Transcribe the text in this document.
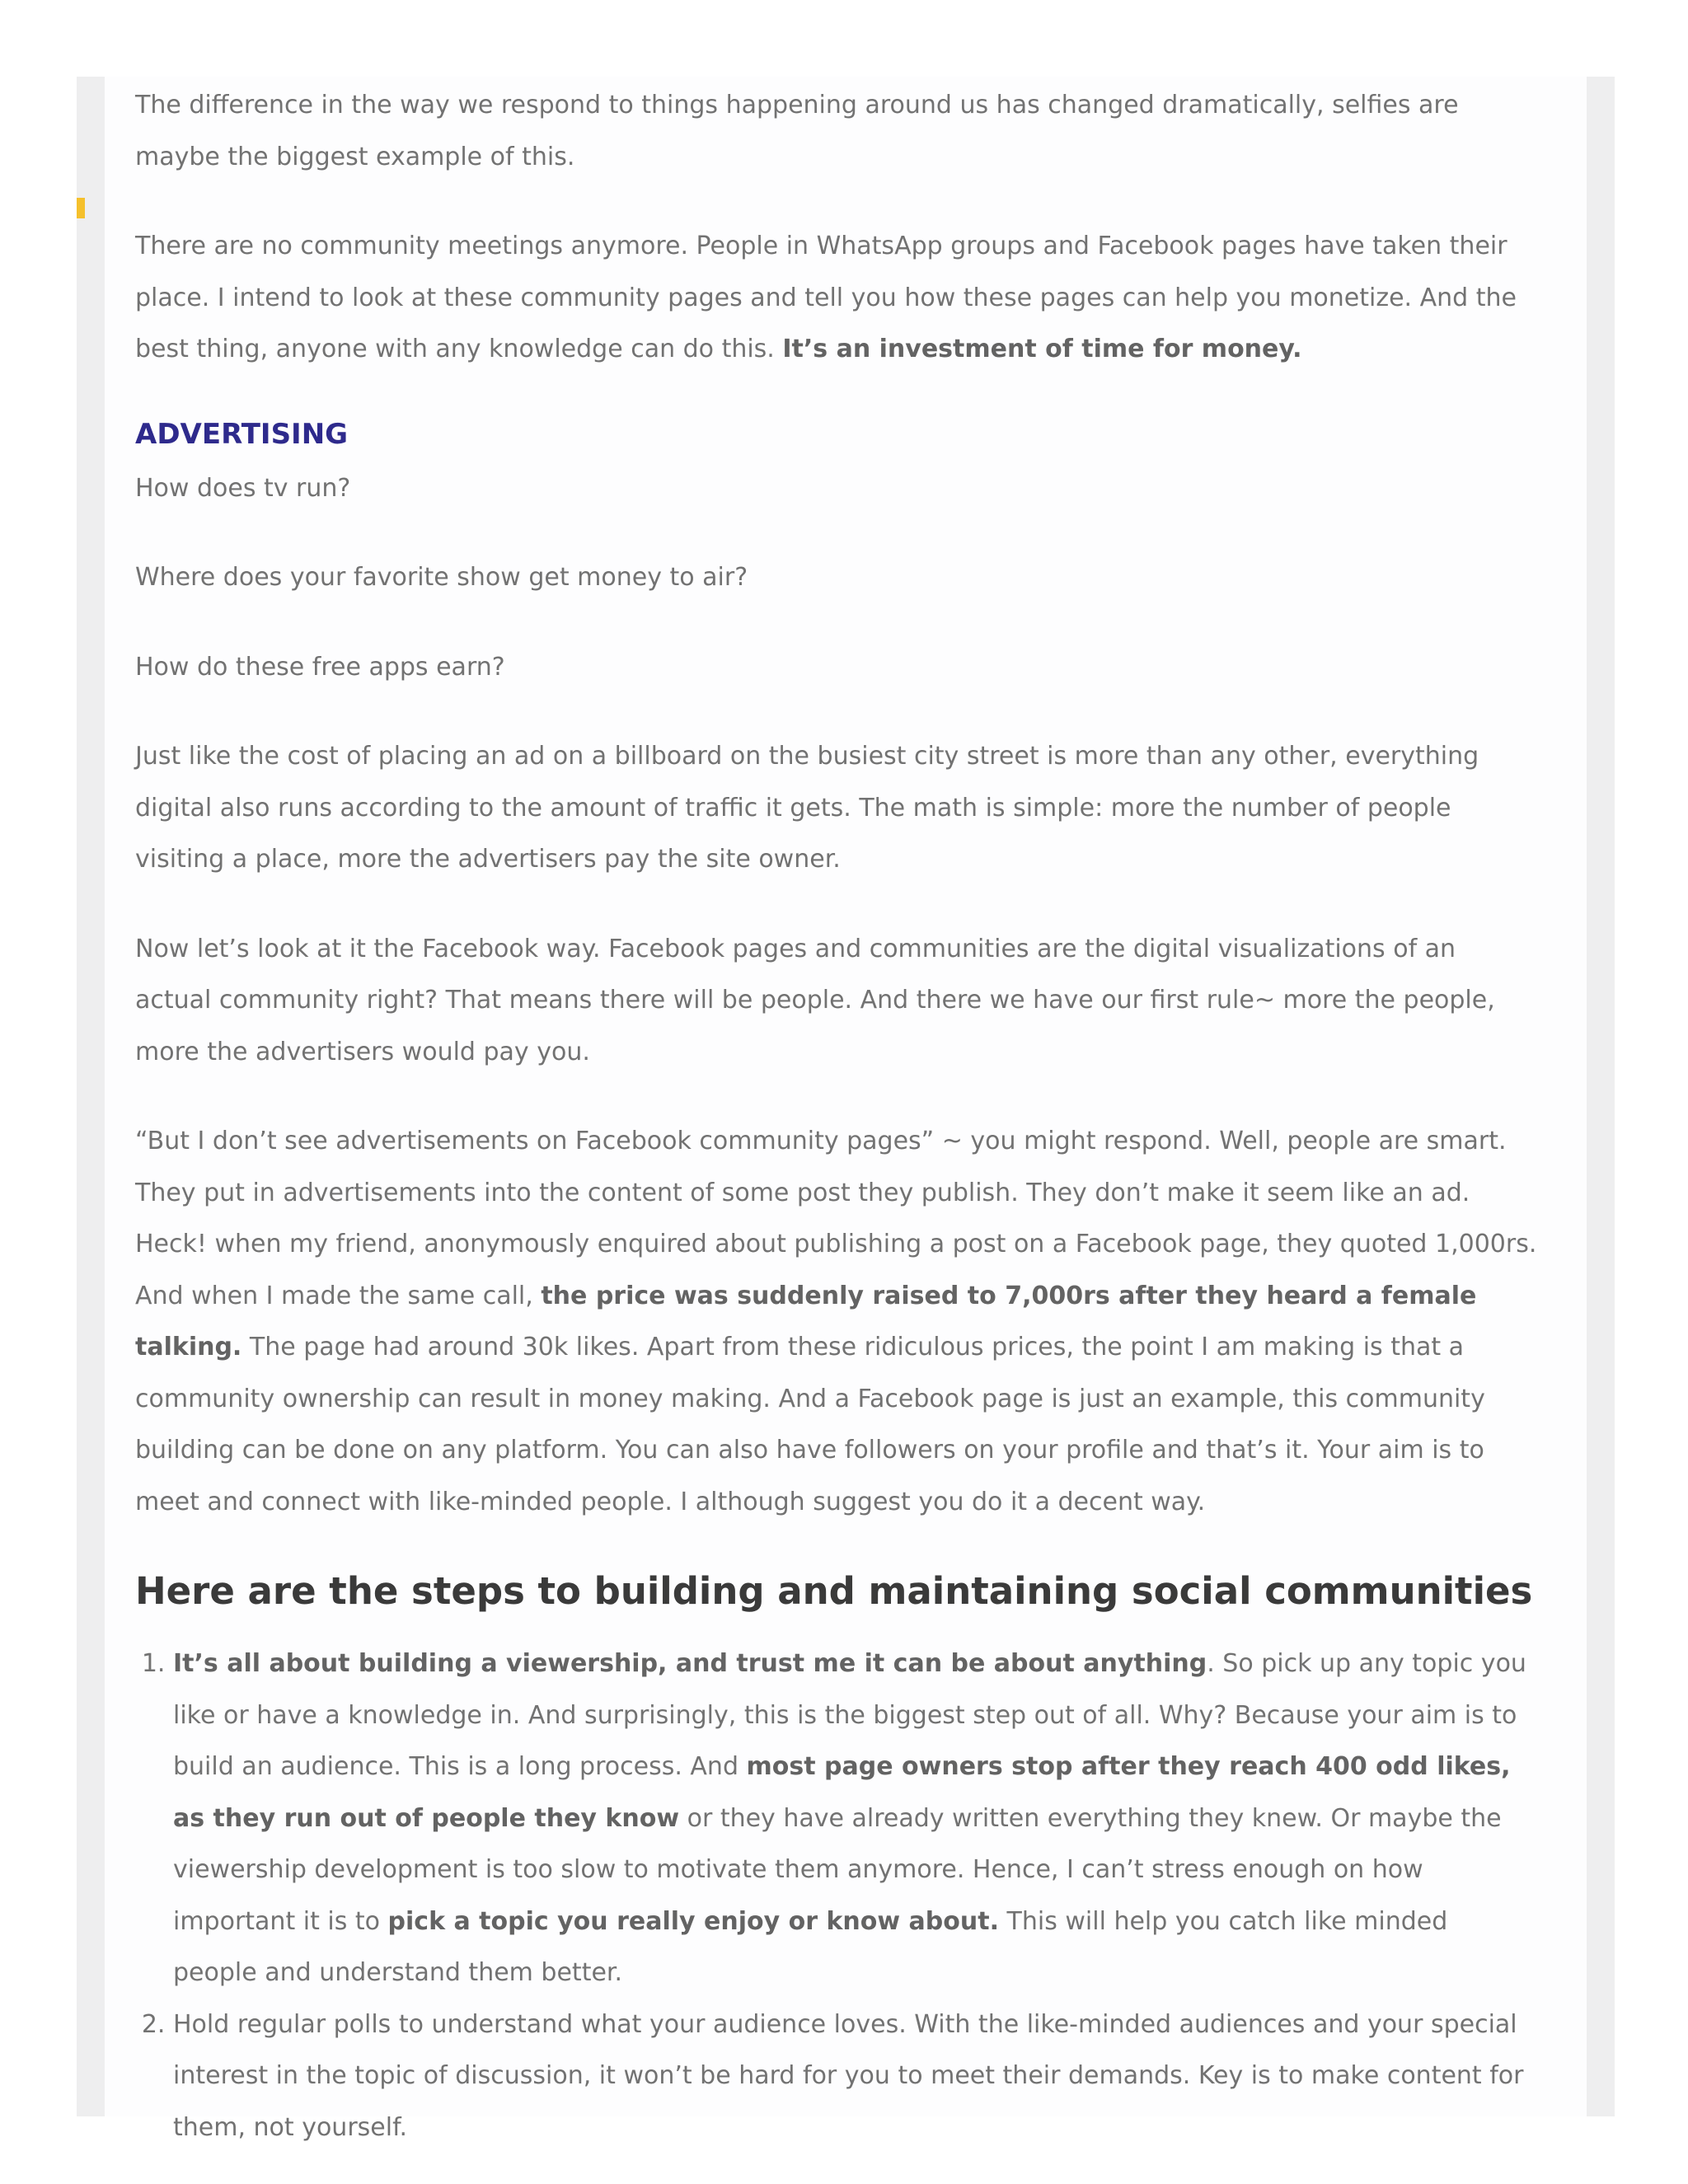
The difference in the way we respond to things happening around us has changed dramatically, selfies are maybe the biggest example of this.

There are no community meetings anymore. People in WhatsApp groups and Facebook pages have taken their place. I intend to look at these community pages and tell you how these pages can help you monetize. And the best thing, anyone with any knowledge can do this. It’s an investment of time for money.

ADVERTISING

How does tv run?

Where does your favorite show get money to air?

How do these free apps earn?

Just like the cost of placing an ad on a billboard on the busiest city street is more than any other, everything digital also runs according to the amount of traffic it gets. The math is simple: more the number of people visiting a place, more the advertisers pay the site owner.

Now let’s look at it the Facebook way. Facebook pages and communities are the digital visualizations of an actual community right? That means there will be people. And there we have our first rule~ more the people, more the advertisers would pay you.

“But I don’t see advertisements on Facebook community pages” ~ you might respond. Well, people are smart. They put in advertisements into the content of some post they publish. They don’t make it seem like an ad. Heck! when my friend, anonymously enquired about publishing a post on a Facebook page, they quoted 1,000rs. And when I made the same call, the price was suddenly raised to 7,000rs after they heard a female talking. The page had around 30k likes. Apart from these ridiculous prices, the point I am making is that a community ownership can result in money making. And a Facebook page is just an example, this community building can be done on any platform. You can also have followers on your profile and that’s it. Your aim is to meet and connect with like-minded people. I although suggest you do it a decent way.

Here are the steps to building and maintaining social communities
1. It’s all about building a viewership, and trust me it can be about anything. So pick up any topic you like or have a knowledge in. And surprisingly, this is the biggest step out of all. Why? Because your aim is to build an audience. This is a long process. And most page owners stop after they reach 400 odd likes, as they run out of people they know or they have already written everything they knew. Or maybe the viewership development is too slow to motivate them anymore. Hence, I can’t stress enough on how important it is to pick a topic you really enjoy or know about. This will help you catch like minded people and understand them better.
2. Hold regular polls to understand what your audience loves. With the like-minded audiences and your special interest in the topic of discussion, it won’t be hard for you to meet their demands. Key is to make content for them, not yourself.
